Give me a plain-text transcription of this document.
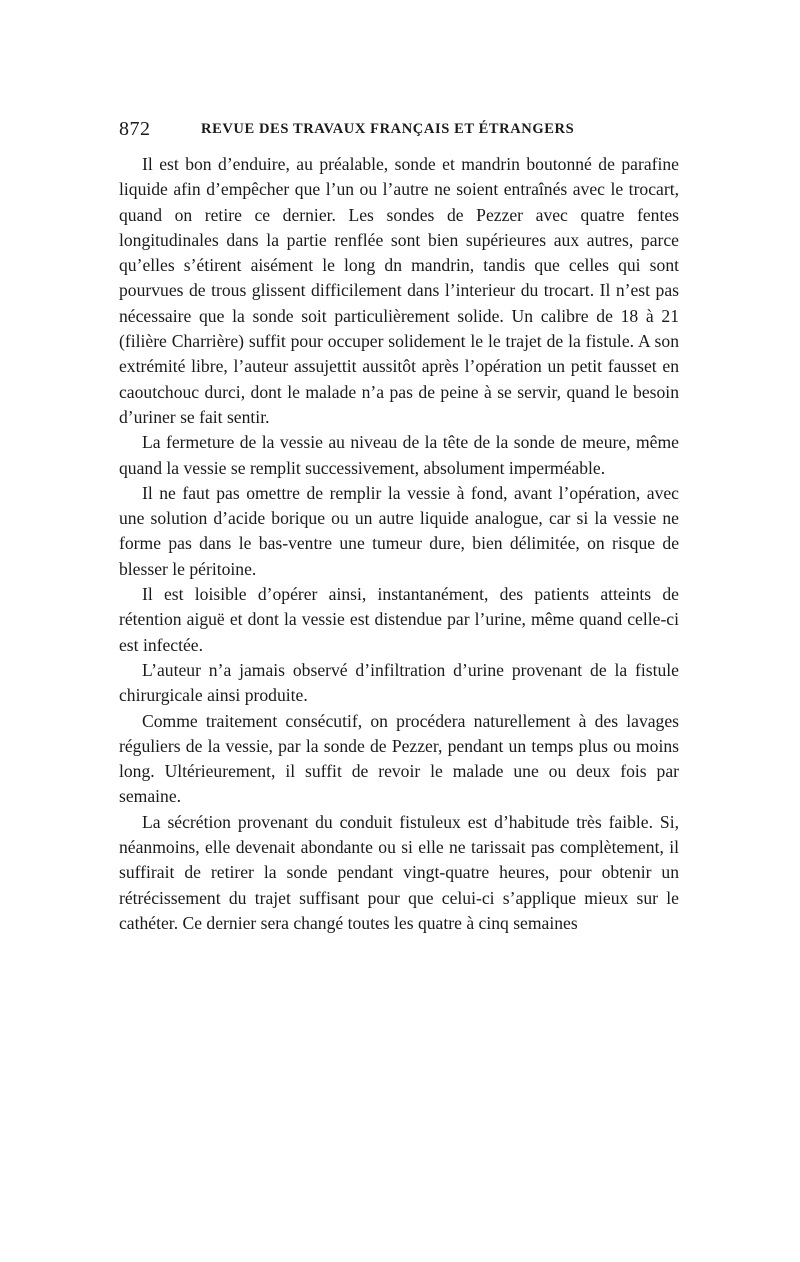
872	REVUE DES TRAVAUX FRANÇAIS ET ÉTRANGERS

Il est bon d’enduire, au préalable, sonde et mandrin boutonné de parafine liquide afin d’empêcher que l’un ou l’autre ne soient entraînés avec le trocart, quand on retire ce dernier. Les sondes de Pezzer avec quatre fentes longitudinales dans la partie renflée sont bien supérieures aux autres, parce qu’elles s’étirent aisément le long dn mandrin, tandis que celles qui sont pourvues de trous glissent difficilement dans l’interieur du trocart. Il n’est pas nécessaire que la sonde soit particulièrement solide. Un calibre de 18 à 21 (filière Charrière) suffit pour occuper solidement le le trajet de la fistule. A son extrémité libre, l’auteur assujettit aussitôt après l’opération un petit fausset en caoutchouc durci, dont le malade n’a pas de peine à se servir, quand le besoin d’uriner se fait sentir.

La fermeture de la vessie au niveau de la tête de la sonde de meure, même quand la vessie se remplit successivement, absolument imperméable.

Il ne faut pas omettre de remplir la vessie à fond, avant l’opération, avec une solution d’acide borique ou un autre liquide analogue, car si la vessie ne forme pas dans le bas-ventre une tumeur dure, bien délimitée, on risque de blesser le péritoine.

Il est loisible d’opérer ainsi, instantanément, des patients atteints de rétention aiguë et dont la vessie est distendue par l’urine, même quand celle-ci est infectée.

L’auteur n’a jamais observé d’infiltration d’urine provenant de la fistule chirurgicale ainsi produite.

Comme traitement consécutif, on procédera naturellement à des lavages réguliers de la vessie, par la sonde de Pezzer, pendant un temps plus ou moins long. Ultérieurement, il suffit de revoir le malade une ou deux fois par semaine.

La sécrétion provenant du conduit fistuleux est d’habitude très faible. Si, néanmoins, elle devenait abondante ou si elle ne tarissait pas complètement, il suffirait de retirer la sonde pendant vingt-quatre heures, pour obtenir un rétrécissement du trajet suffisant pour que celui-ci s’applique mieux sur le cathéter. Ce dernier sera changé toutes les quatre à cinq semaines
